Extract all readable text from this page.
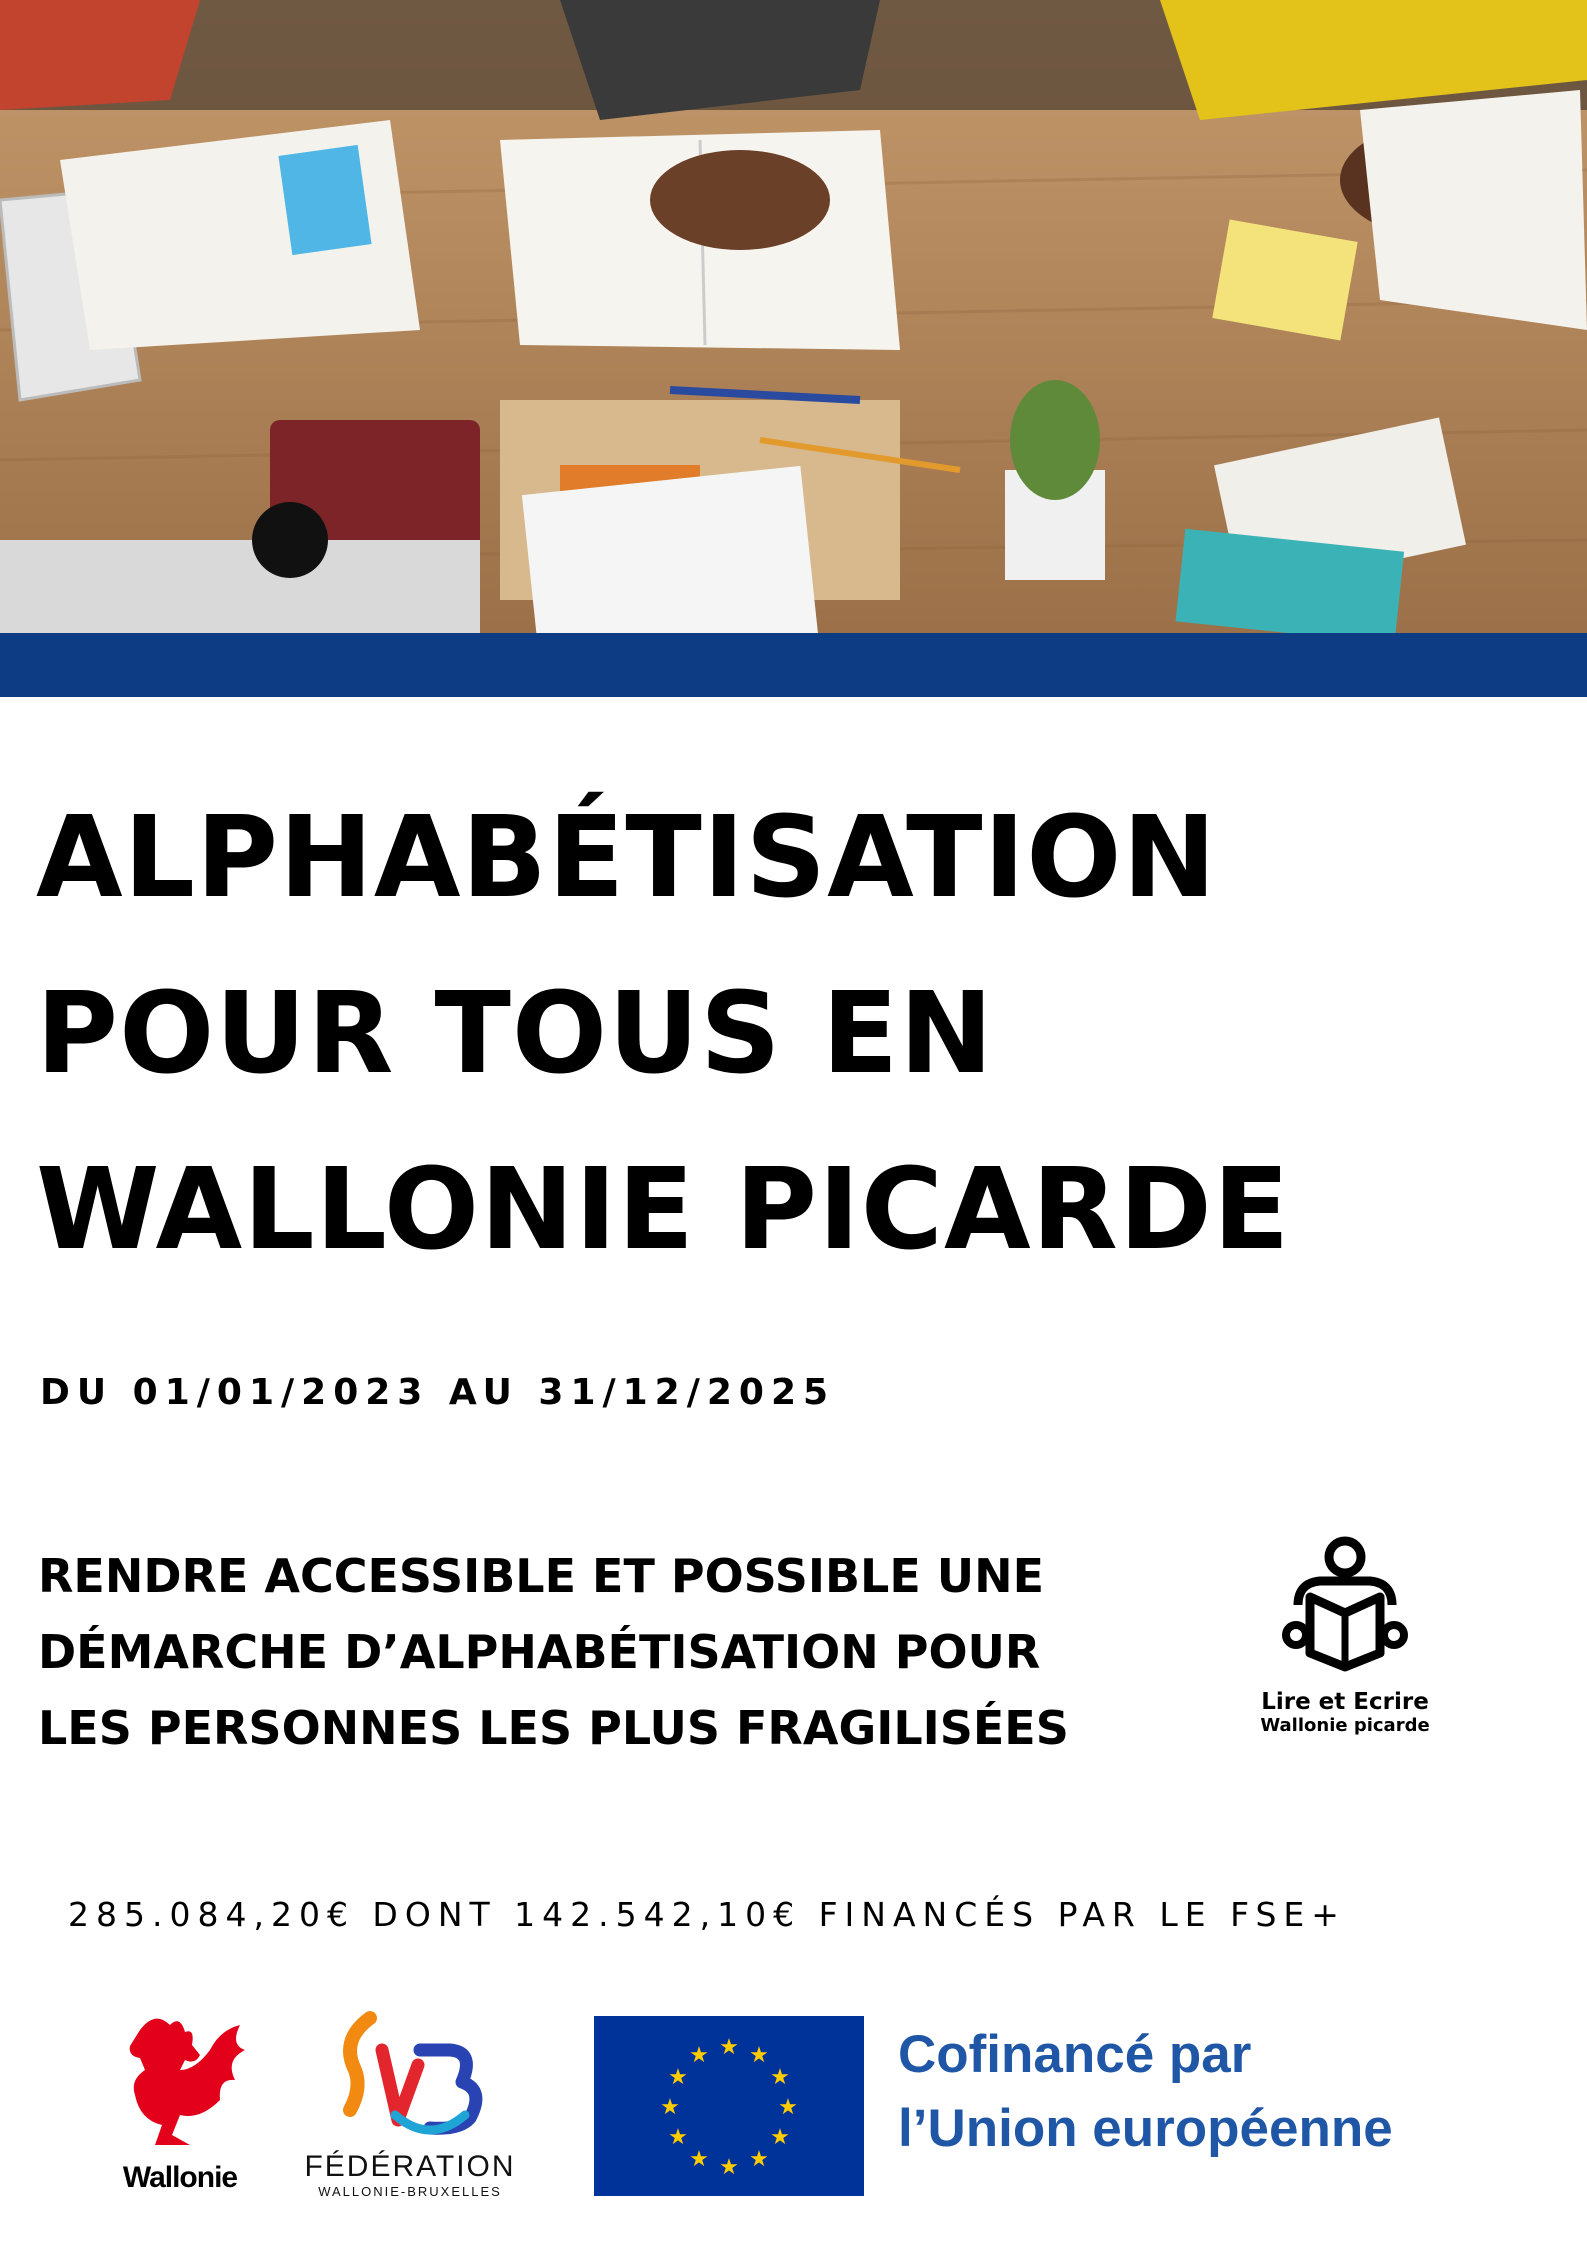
ALPHABÉTISATION
POUR TOUS EN
WALLONIE PICARDE
DU 01/01/2023 AU 31/12/2025
RENDRE ACCESSIBLE ET POSSIBLE UNE
DÉMARCHE D’ALPHABÉTISATION POUR
LES PERSONNES LES PLUS FRAGILISÉES	Lire et Ecrire
Wallonie picarde
285.084,20€ DONT 142.542,10€ FINANCÉS PAR LE FSE+
Wallonie	FÉDÉRATION
WALLONIE-BRUXELLES
★ ★
★
★
★
★
★
★
★
★
★
★	Cofinancé par
l’Union européenne
